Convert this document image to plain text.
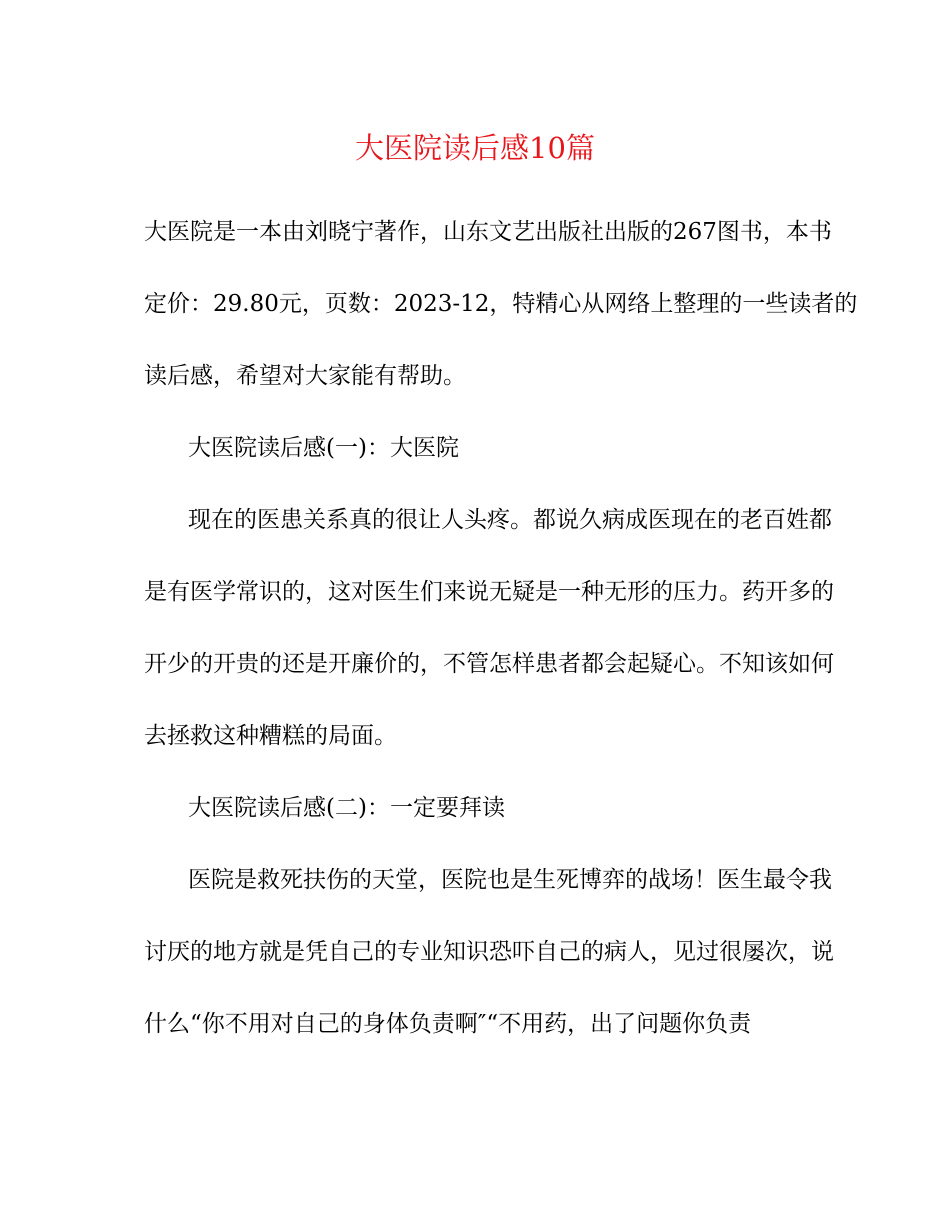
大医院读后感10篇
大医院是一本由刘晓宁著作，山东文艺出版社出版的267图书，本书
定价：29.80元，页数：2023-12，特精心从网络上整理的一些读者的
读后感，希望对大家能有帮助。
大医院读后感(一)：大医院
现在的医患关系真的很让人头疼。都说久病成医现在的老百姓都
是有医学常识的，这对医生们来说无疑是一种无形的压力。药开多的
开少的开贵的还是开廉价的，不管怎样患者都会起疑心。不知该如何
去拯救这种糟糕的局面。
大医院读后感(二)：一定要拜读
医院是救死扶伤的天堂，医院也是生死博弈的战场！医生最令我
讨厌的地方就是凭自己的专业知识恐吓自己的病人，见过很屡次，说
什么“你不用对自己的身体负责啊″“不用药，出了问题你负责
